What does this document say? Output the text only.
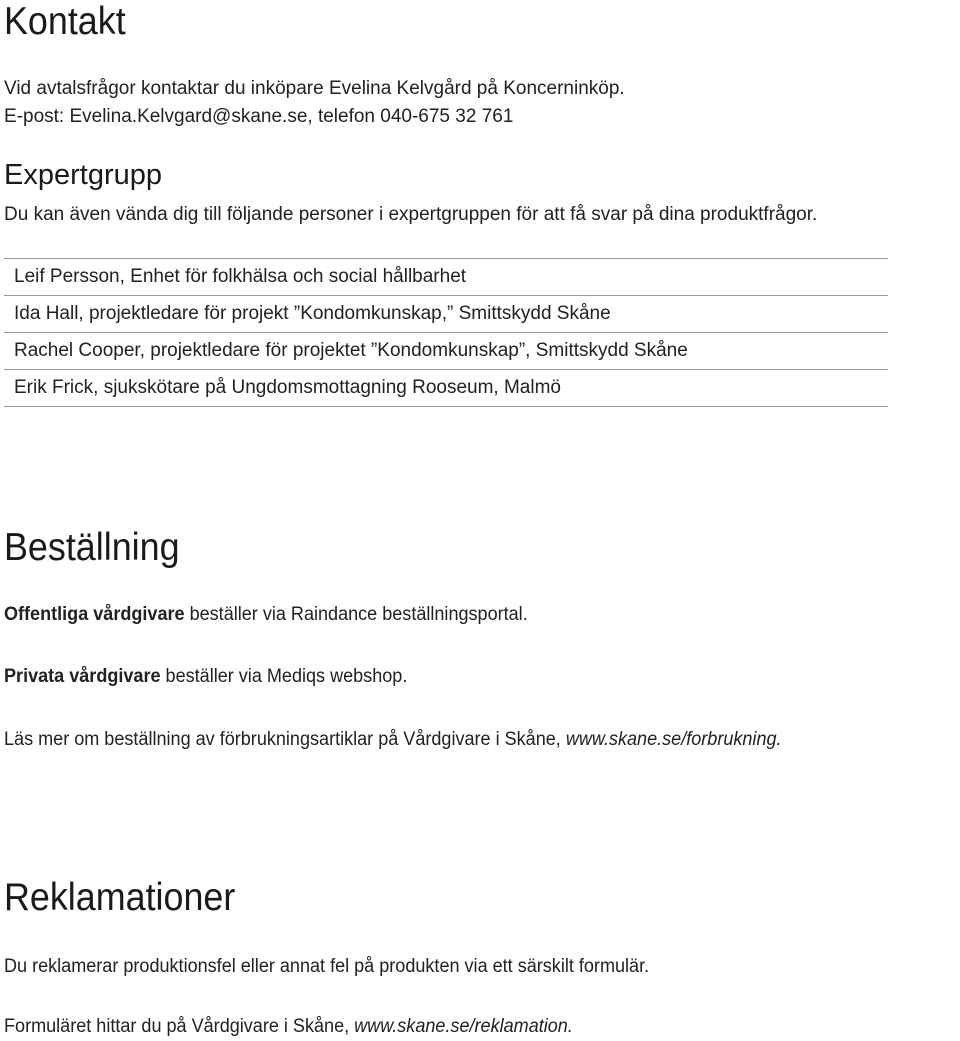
Kontakt

Vid avtalsfrågor kontaktar du inköpare Evelina Kelvgård på Koncerninköp.

E-post: Evelina.Kelvgard@skane.se, telefon 040-675 32 761

Expertgrupp

Du kan även vända dig till följande personer i expertgruppen för att få svar på dina produktfrågor.

Leif Persson, Enhet för folkhälsa och social hållbarhet
Ida Hall, projektledare för projekt ”Kondomkunskap,” Smittskydd Skåne
Rachel Cooper, projektledare för projektet ”Kondomkunskap”, Smittskydd Skåne
Erik Frick, sjukskötare på Ungdomsmottagning Rooseum, Malmö
Beställning

Offentliga vårdgivare beställer via Raindance beställningsportal.

Privata vårdgivare beställer via Mediqs webshop.

Läs mer om beställning av förbrukningsartiklar på Vårdgivare i Skåne, www.skane.se/forbrukning.

Reklamationer

Du reklamerar produktionsfel eller annat fel på produkten via ett särskilt formulär.

Formuläret hittar du på Vårdgivare i Skåne, www.skane.se/reklamation.
